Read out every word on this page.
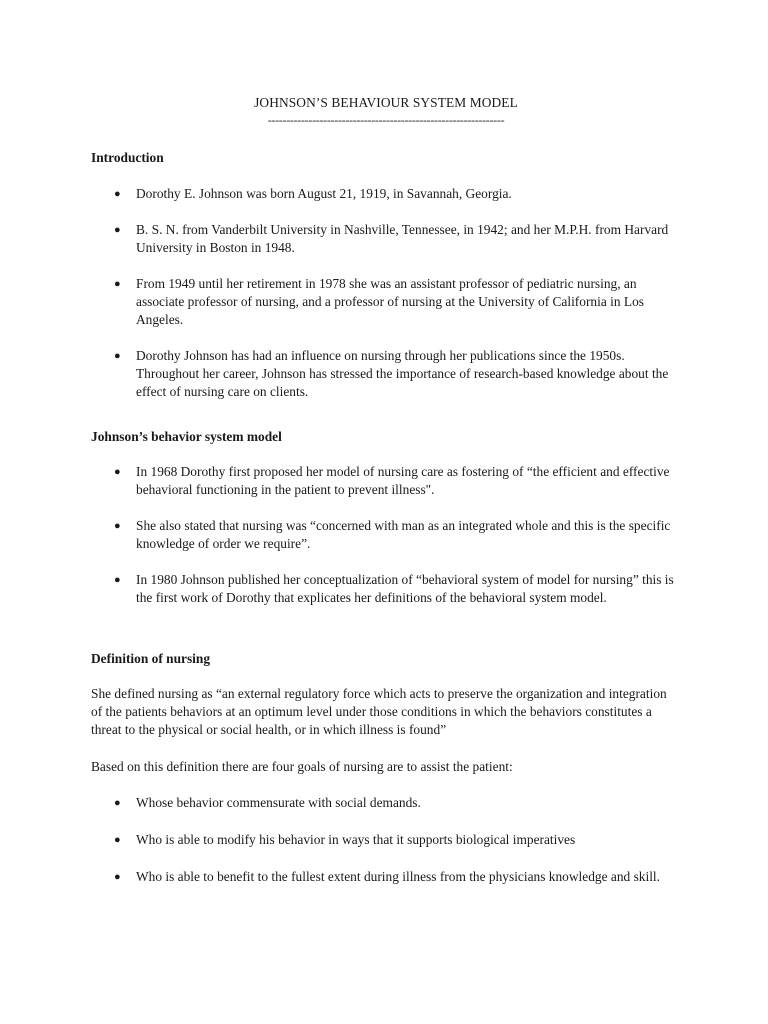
JOHNSON’S BEHAVIOUR SYSTEM MODEL

----------------------------------------------------------------

Introduction
● Dorothy E. Johnson was born August 21, 1919, in Savannah, Georgia.
● B. S. N. from Vanderbilt University in Nashville, Tennessee, in 1942; and her M.P.H. from Harvard University in Boston in 1948.
● From 1949 until her retirement in 1978 she was an assistant professor of pediatric nursing, an associate professor of nursing, and a professor of nursing at the University of California in Los Angeles.
● Dorothy Johnson has had an influence on nursing through her publications since the 1950s. Throughout her career, Johnson has stressed the importance of research-based knowledge about the effect of nursing care on clients.
Johnson’s behavior system model
● In 1968 Dorothy first proposed her model of nursing care as fostering of “the efficient and effective behavioral functioning in the patient to prevent illness".
● She also stated that nursing was “concerned with man as an integrated whole and this is the specific knowledge of order we require”.
● In 1980 Johnson published her conceptualization of “behavioral system of model for nursing” this is the first work of Dorothy that explicates her definitions of the behavioral system model.
Definition of nursing

She defined nursing as “an external regulatory force which acts to preserve the organization and integration of the patients behaviors at an optimum level under those conditions in which the behaviors constitutes a threat to the physical or social health, or in which illness is found”

Based on this definition there are four goals of nursing are to assist the patient:

● Whose behavior commensurate with social demands.
● Who is able to modify his behavior in ways that it supports biological imperatives
● Who is able to benefit to the fullest extent during illness from the physicians knowledge and skill.
